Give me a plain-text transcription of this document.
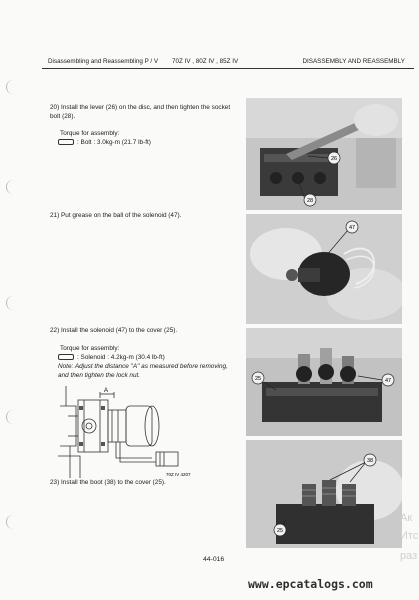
Disassembling and Reassembling P / V 70Z IV , 80Z IV , 85Z IV	DISASSEMBLY AND REASSEMBLY
20) Install the lever (26) on the disc, and then tighten the socket bolt (28).
Torque for assembly:
: Bolt : 3.0kg-m (21.7 lb-ft)
21) Put grease on the ball of the solenoid (47).
22) Install the solenoid (47) to the cover (25).
Torque for assembly:
: Solenoid : 4.2kg-m (30.4 lb-ft)
Note: Adjust the distance "A" as measured before removing, and then tighten the lock nut.
A
70Z IV 4207
23) Install the boot (38) to the cover (25).
26
28
47
25	47
38
25
44-016
Ак
Итс
раз
www.epcatalogs.com
